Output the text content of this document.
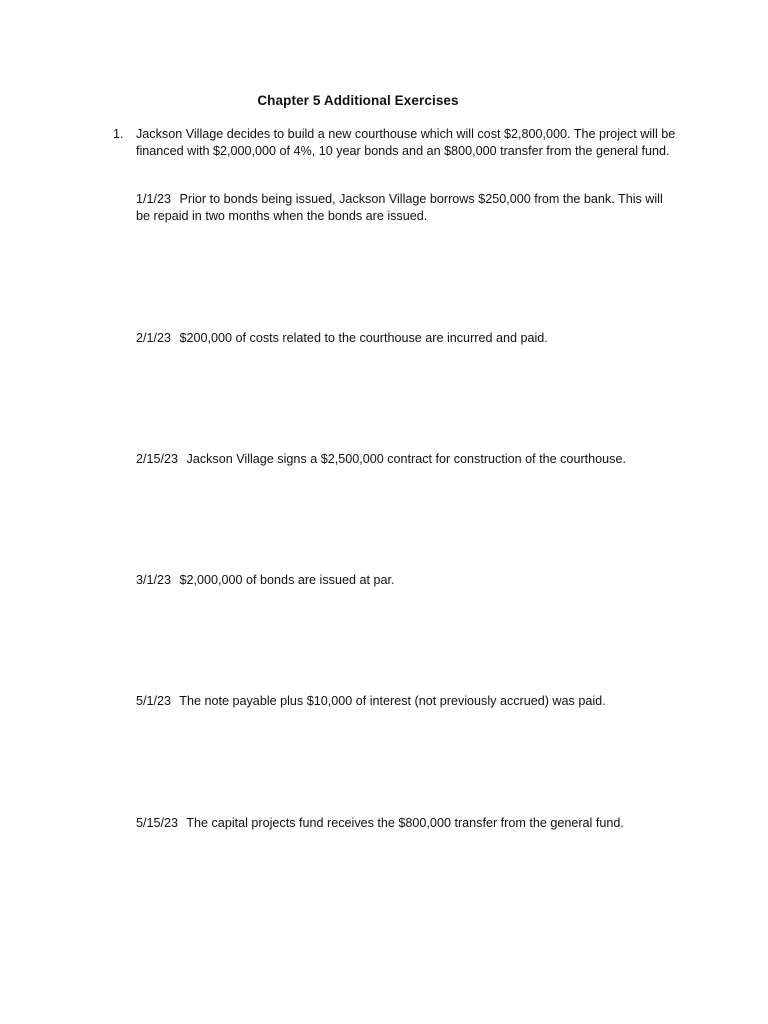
Chapter 5 Additional Exercises
1. Jackson Village decides to build a new courthouse which will cost $2,800,000. The project will be financed with $2,000,000 of 4%, 10 year bonds and an $800,000 transfer from the general fund.
1/1/23 Prior to bonds being issued, Jackson Village borrows $250,000 from the bank. This will be repaid in two months when the bonds are issued.
2/1/23 $200,000 of costs related to the courthouse are incurred and paid.
2/15/23 Jackson Village signs a $2,500,000 contract for construction of the courthouse.
3/1/23 $2,000,000 of bonds are issued at par.
5/1/23 The note payable plus $10,000 of interest (not previously accrued) was paid.
5/15/23 The capital projects fund receives the $800,000 transfer from the general fund.
